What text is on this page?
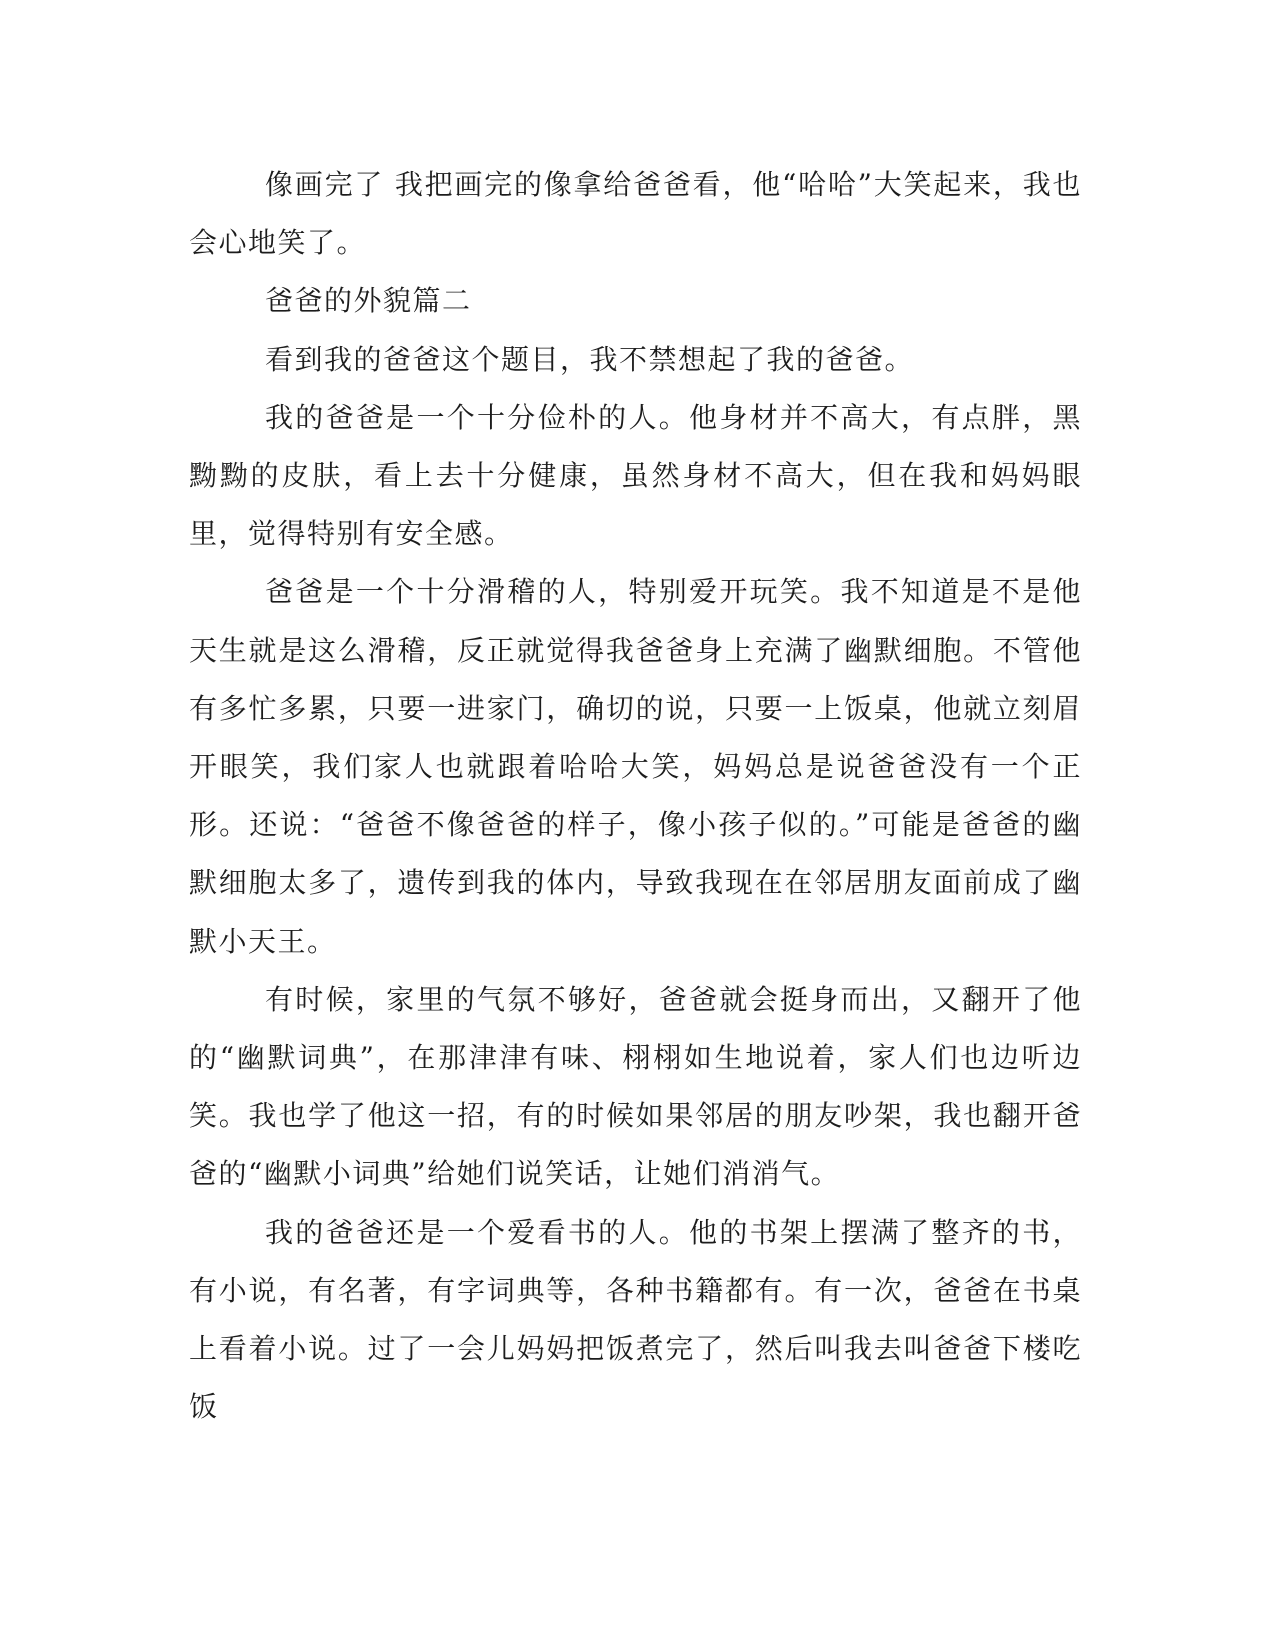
像画完了 我把画完的像拿给爸爸看，他“哈哈”大笑起来，我也会心地笑了。

爸爸的外貌篇二

看到我的爸爸这个题目，我不禁想起了我的爸爸。

我的爸爸是一个十分俭朴的人。他身材并不高大，有点胖，黑黝黝的皮肤，看上去十分健康，虽然身材不高大，但在我和妈妈眼里，觉得特别有安全感。

爸爸是一个十分滑稽的人，特别爱开玩笑。我不知道是不是他天生就是这么滑稽，反正就觉得我爸爸身上充满了幽默细胞。不管他有多忙多累，只要一进家门，确切的说，只要一上饭桌，他就立刻眉开眼笑，我们家人也就跟着哈哈大笑，妈妈总是说爸爸没有一个正形。还说：“爸爸不像爸爸的样子，像小孩子似的。”可能是爸爸的幽默细胞太多了，遗传到我的体内，导致我现在在邻居朋友面前成了幽默小天王。

有时候，家里的气氛不够好，爸爸就会挺身而出，又翻开了他的“幽默词典”，在那津津有味、栩栩如生地说着，家人们也边听边笑。我也学了他这一招，有的时候如果邻居的朋友吵架，我也翻开爸爸的“幽默小词典”给她们说笑话，让她们消消气。

我的爸爸还是一个爱看书的人。他的书架上摆满了整齐的书，有小说，有名著，有字词典等，各种书籍都有。有一次，爸爸在书桌上看着小说。过了一会儿妈妈把饭煮完了，然后叫我去叫爸爸下楼吃饭
